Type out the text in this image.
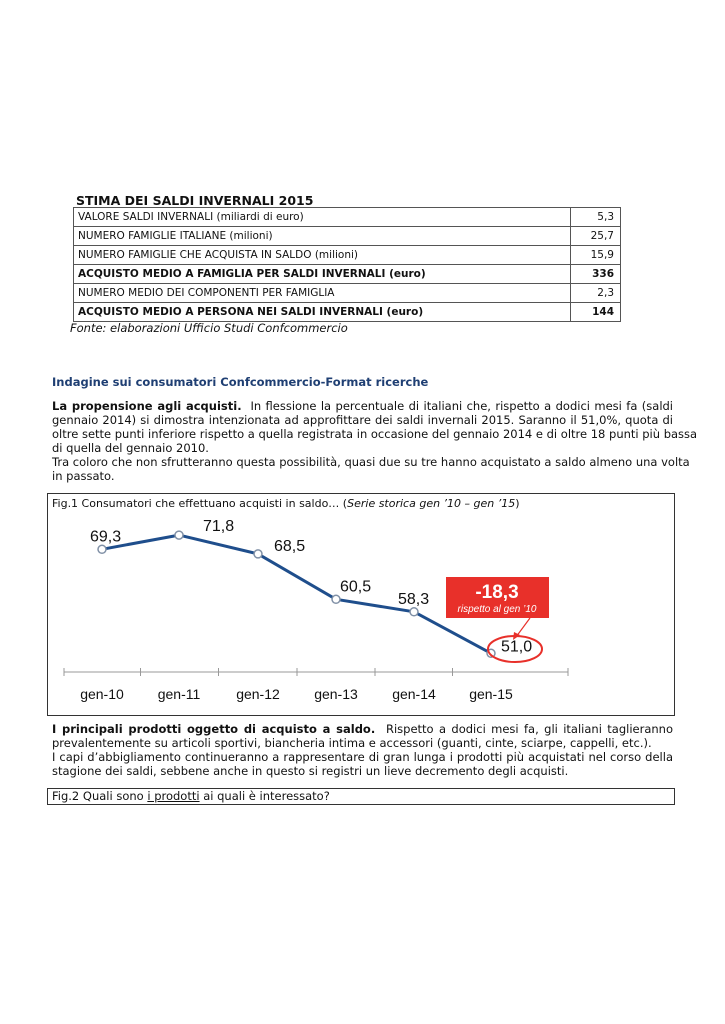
STIMA DEI SALDI INVERNALI 2015
VALORE SALDI INVERNALI (miliardi di euro)	5,3
NUMERO FAMIGLIE ITALIANE (milioni)	25,7
NUMERO FAMIGLIE CHE ACQUISTA IN SALDO (milioni)	15,9
ACQUISTO MEDIO A FAMIGLIA PER SALDI INVERNALI (euro)	336
NUMERO MEDIO DEI COMPONENTI PER FAMIGLIA	2,3
ACQUISTO MEDIO A PERSONA NEI SALDI INVERNALI (euro)	144
Fonte: elaborazioni Ufficio Studi Confcommercio
Indagine sui consumatori Confcommercio-Format ricerche
La propensione agli acquisti. In flessione la percentuale di italiani che, rispetto a dodici mesi fa (saldi
gennaio 2014) si dimostra intenzionata ad approfittare dei saldi invernali 2015. Saranno il 51,0%, quota di
oltre sette punti inferiore rispetto a quella registrata in occasione del gennaio 2014 e di oltre 18 punti più bassa
di quella del gennaio 2010.
Tra coloro che non sfrutteranno questa possibilità, quasi due su tre hanno acquistato a saldo almeno una volta
in passato.
Fig.1 Consumatori che effettuano acquisti in saldo… (Serie storica gen ’10 – gen ’15)
69,3
71,8
68,5
60,5
58,3
51,0
gen-10 gen-11	gen-12 gen-13 gen-14 gen-15
-18,3
rispetto al gen ’10
I principali prodotti oggetto di acquisto a saldo. Rispetto a dodici mesi fa, gli italiani taglieranno
prevalentemente su articoli sportivi, biancheria intima e accessori (guanti, cinte, sciarpe, cappelli, etc.).
I capi d’abbigliamento continueranno a rappresentare di gran lunga i prodotti più acquistati nel corso della
stagione dei saldi, sebbene anche in questo si registri un lieve decremento degli acquisti.
Fig.2 Quali sono i prodotti ai quali è interessato?
